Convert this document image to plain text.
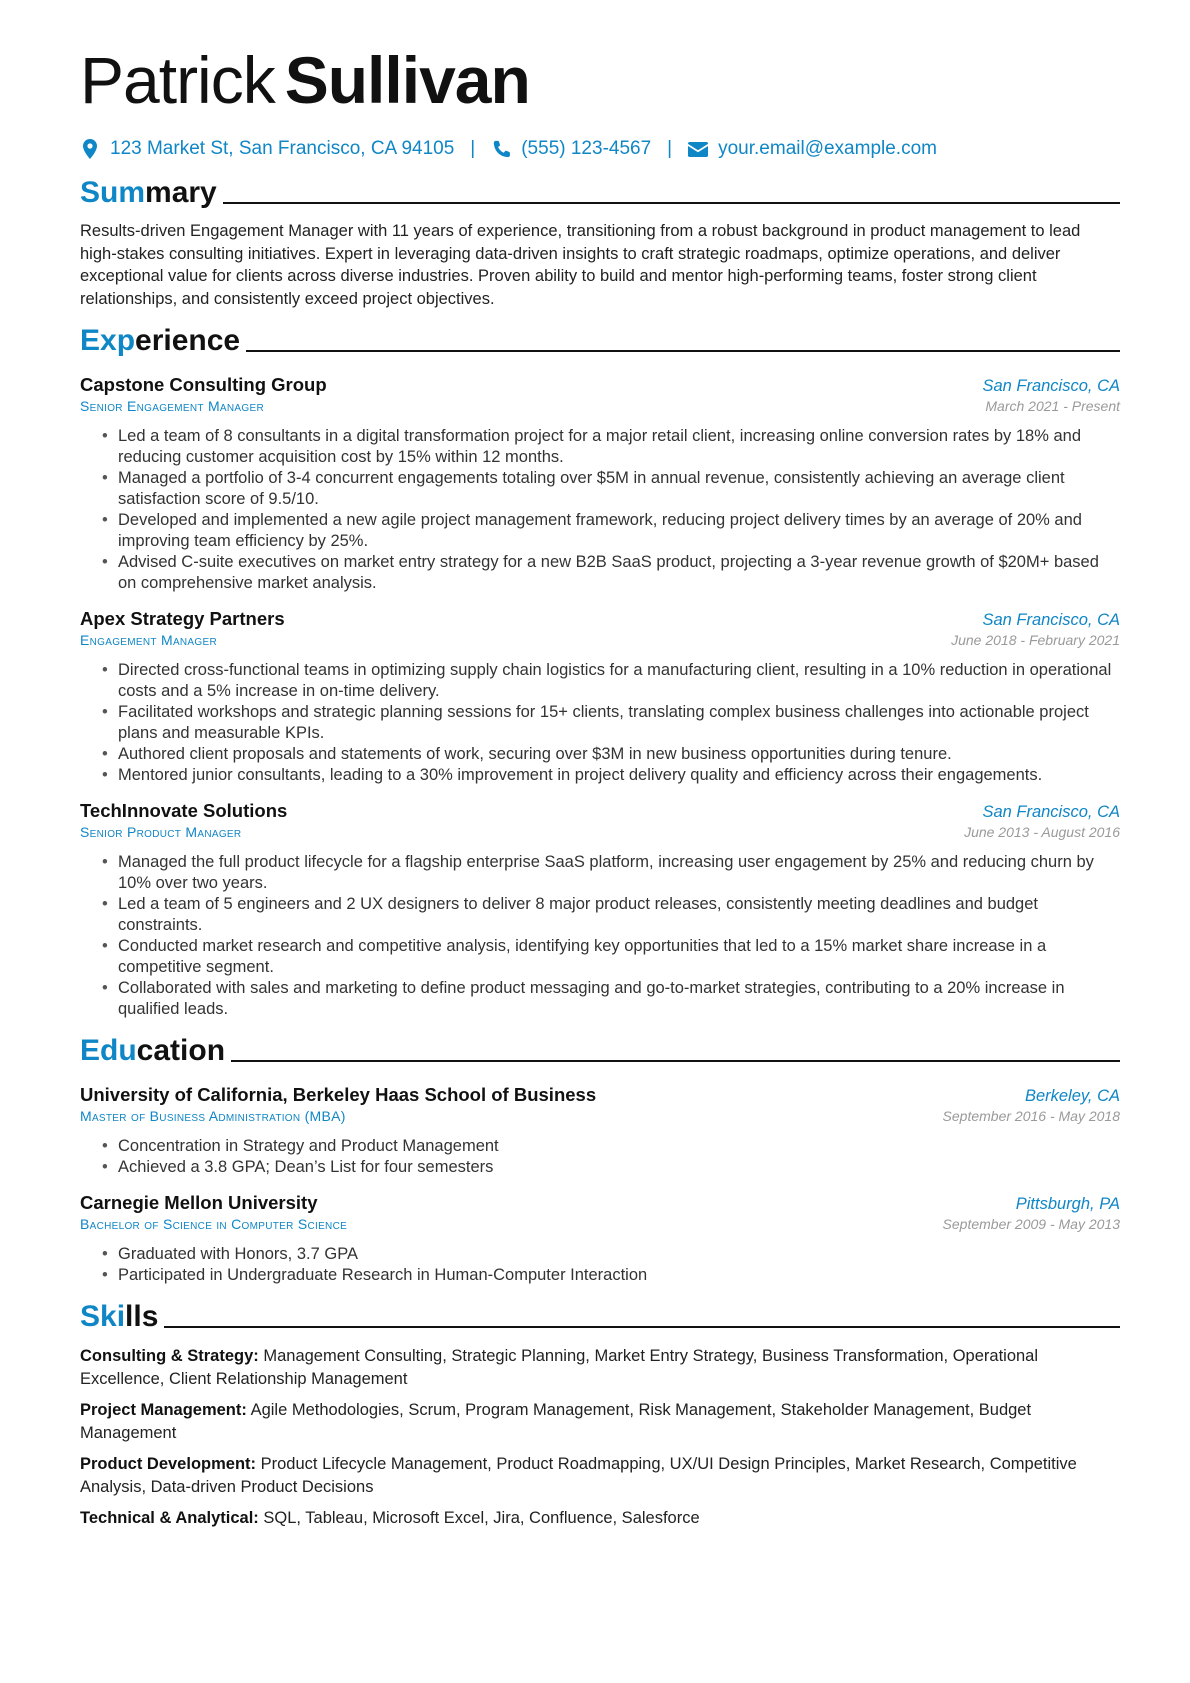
Patrick Sullivan
123 Market St, San Francisco, CA 94105 | (555) 123-4567 | your.email@example.com
Summary

Results-driven Engagement Manager with 11 years of experience, transitioning from a robust background in product management to lead high-stakes consulting initiatives. Expert in leveraging data-driven insights to craft strategic roadmaps, optimize operations, and deliver exceptional value for clients across diverse industries. Proven ability to build and mentor high-performing teams, foster strong client relationships, and consistently exceed project objectives.

Experience
Capstone Consulting Group	San Francisco, CA
Senior Engagement Manager	March 2021 - Present
• Led a team of 8 consultants in a digital transformation project for a major retail client, increasing online conversion rates by 18% and reducing customer acquisition cost by 15% within 12 months.
• Managed a portfolio of 3-4 concurrent engagements totaling over $5M in annual revenue, consistently achieving an average client satisfaction score of 9.5/10.
• Developed and implemented a new agile project management framework, reducing project delivery times by an average of 20% and improving team efficiency by 25%.
• Advised C-suite executives on market entry strategy for a new B2B SaaS product, projecting a 3-year revenue growth of $20M+ based on comprehensive market analysis.
Apex Strategy Partners	San Francisco, CA
Engagement Manager	June 2018 - February 2021
• Directed cross-functional teams in optimizing supply chain logistics for a manufacturing client, resulting in a 10% reduction in operational costs and a 5% increase in on-time delivery.
• Facilitated workshops and strategic planning sessions for 15+ clients, translating complex business challenges into actionable project plans and measurable KPIs.
• Authored client proposals and statements of work, securing over $3M in new business opportunities during tenure.
• Mentored junior consultants, leading to a 30% improvement in project delivery quality and efficiency across their engagements.
TechInnovate Solutions	San Francisco, CA
Senior Product Manager	June 2013 - August 2016
• Managed the full product lifecycle for a flagship enterprise SaaS platform, increasing user engagement by 25% and reducing churn by 10% over two years.
• Led a team of 5 engineers and 2 UX designers to deliver 8 major product releases, consistently meeting deadlines and budget constraints.
• Conducted market research and competitive analysis, identifying key opportunities that led to a 15% market share increase in a competitive segment.
• Collaborated with sales and marketing to define product messaging and go-to-market strategies, contributing to a 20% increase in qualified leads.
Education
University of California, Berkeley Haas School of Business	Berkeley, CA
Master of Business Administration (MBA)	September 2016 - May 2018
• Concentration in Strategy and Product Management
• Achieved a 3.8 GPA; Dean’s List for four semesters
Carnegie Mellon University	Pittsburgh, PA
Bachelor of Science in Computer Science	September 2009 - May 2013
• Graduated with Honors, 3.7 GPA
• Participated in Undergraduate Research in Human-Computer Interaction
Skills

Consulting & Strategy: Management Consulting, Strategic Planning, Market Entry Strategy, Business Transformation, Operational Excellence, Client Relationship Management

Project Management: Agile Methodologies, Scrum, Program Management, Risk Management, Stakeholder Management, Budget Management

Product Development: Product Lifecycle Management, Product Roadmapping, UX/UI Design Principles, Market Research, Competitive Analysis, Data-driven Product Decisions

Technical & Analytical: SQL, Tableau, Microsoft Excel, Jira, Confluence, Salesforce
